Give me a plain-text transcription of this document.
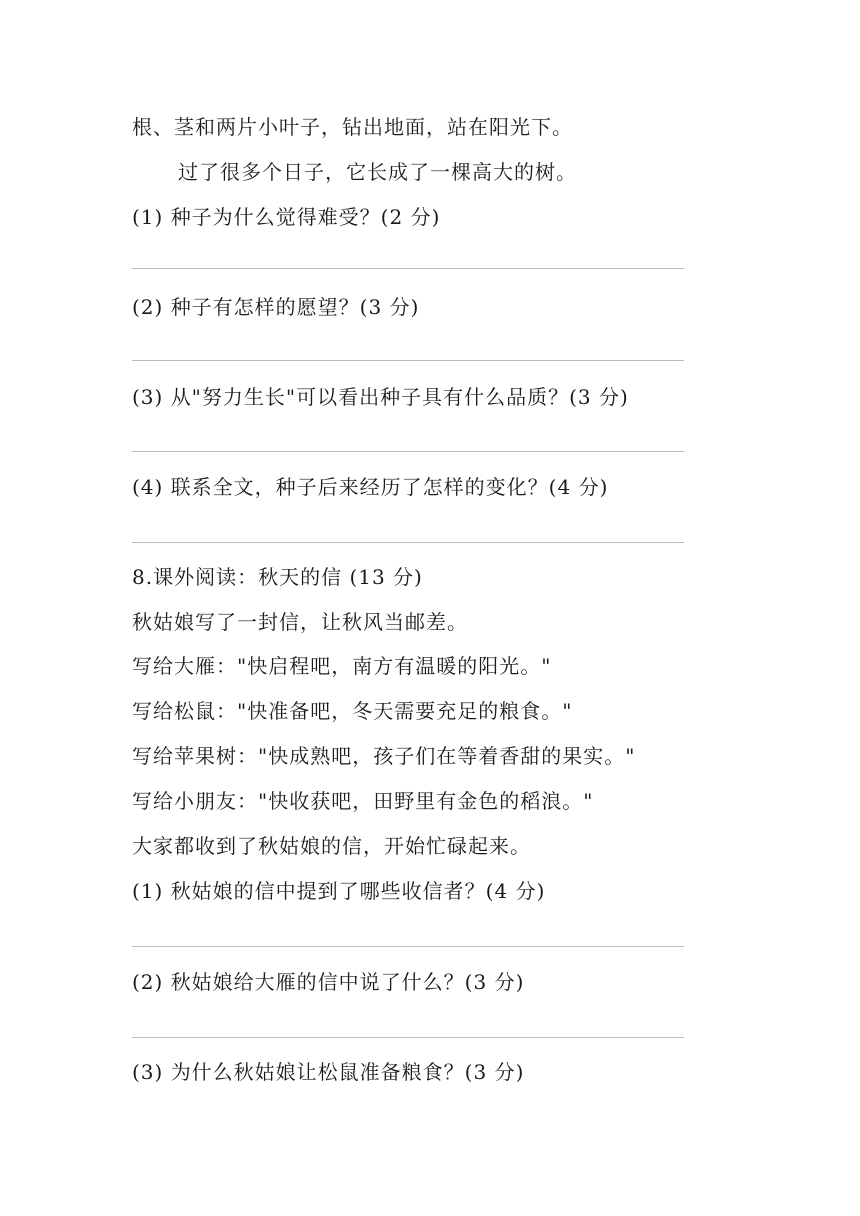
根、茎和两片小叶子，钻出地面，站在阳光下。
过了很多个日子，它长成了一棵高大的树。
(1) 种子为什么觉得难受？(2 分)
(2) 种子有怎样的愿望？(3 分)
(3) 从"努力生长"可以看出种子具有什么品质？(3 分)
(4) 联系全文，种子后来经历了怎样的变化？(4 分)
8.课外阅读：秋天的信 (13 分)
秋姑娘写了一封信，让秋风当邮差。
写给大雁："快启程吧，南方有温暖的阳光。"
写给松鼠："快准备吧，冬天需要充足的粮食。"
写给苹果树："快成熟吧，孩子们在等着香甜的果实。"
写给小朋友："快收获吧，田野里有金色的稻浪。"
大家都收到了秋姑娘的信，开始忙碌起来。
(1) 秋姑娘的信中提到了哪些收信者？(4 分)
(2) 秋姑娘给大雁的信中说了什么？(3 分)
(3) 为什么秋姑娘让松鼠准备粮食？(3 分)
